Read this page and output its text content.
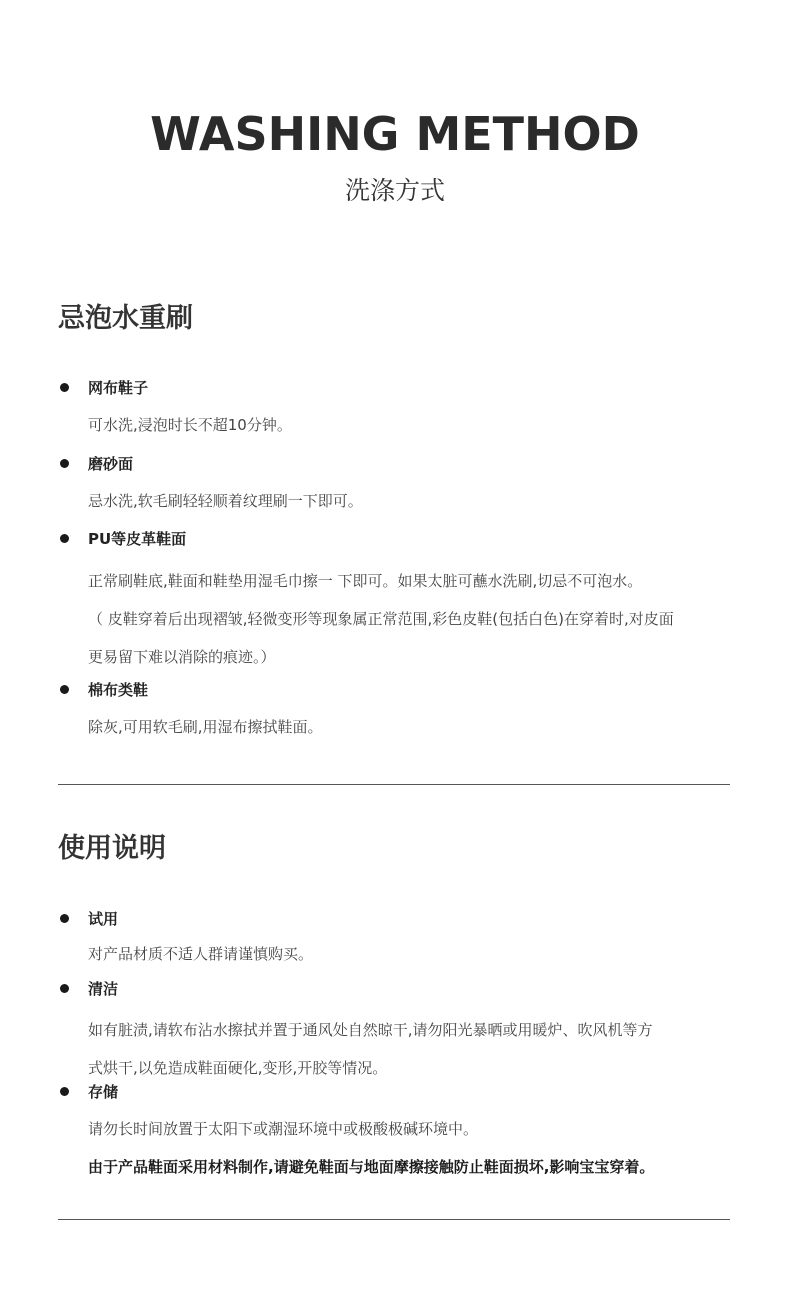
WASHING METHOD
洗涤方式
忌泡水重刷
网布鞋子
可水洗,浸泡时长不超10分钟。
磨砂面
忌水洗,软毛刷轻轻顺着纹理刷一下即可。
PU等皮革鞋面
正常刷鞋底,鞋面和鞋垫用湿毛巾擦一 下即可。如果太脏可蘸水洗刷,切忌不可泡水。
（ 皮鞋穿着后出现褶皱,轻微变形等现象属正常范围,彩色皮鞋(包括白色)在穿着时,对皮面
更易留下难以消除的痕迹。）
棉布类鞋
除灰,可用软毛刷,用湿布擦拭鞋面。
使用说明
试用
对产品材质不适人群请谨慎购买。
清洁
如有脏渍,请软布沾水擦拭并置于通风处自然晾干,请勿阳光暴晒或用暖炉、吹风机等方
式烘干,以免造成鞋面硬化,变形,开胶等情况。
存储
请勿长时间放置于太阳下或潮湿环境中或极酸极碱环境中。
由于产品鞋面采用材料制作,请避免鞋面与地面摩擦接触防止鞋面损坏,影响宝宝穿着。
